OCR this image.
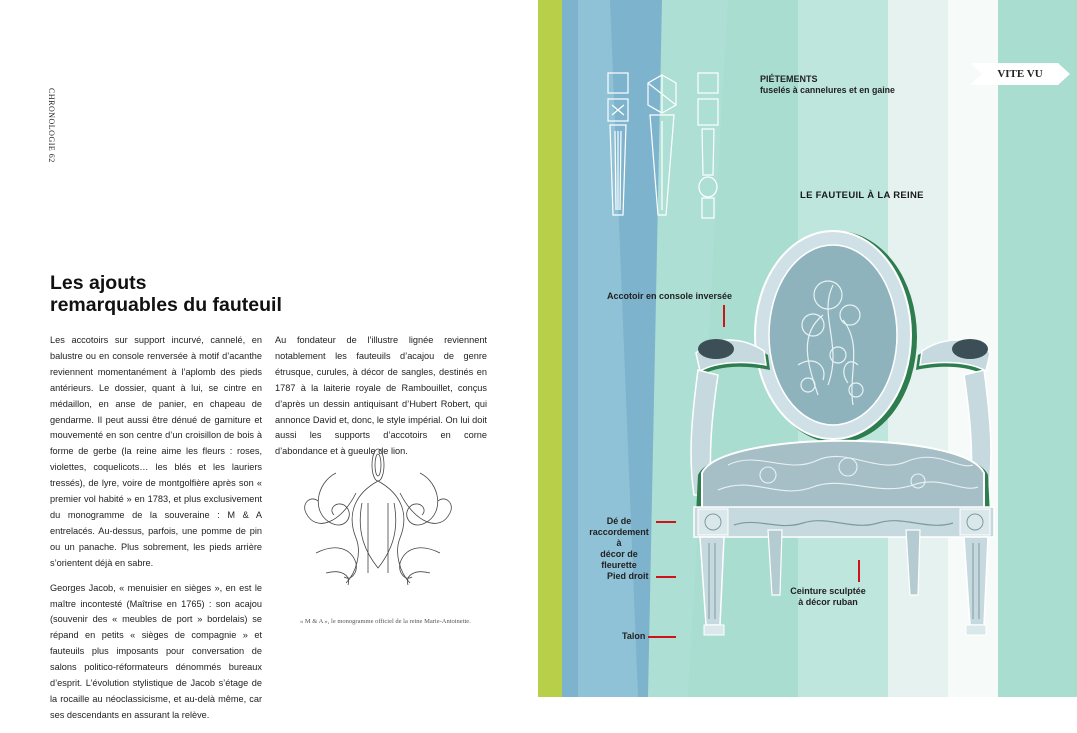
CHRONOLOGIE 62
Les ajouts
remarquables du fauteuil

Les accotoirs sur support incurvé, cannelé, en balustre ou en console renversée à motif d’acanthe reviennent momentanément à l’aplomb des pieds antérieurs. Le dossier, quant à lui, se cintre en médaillon, en anse de panier, en chapeau de gendarme. Il peut aussi être dénué de garniture et mouvementé en son centre d’un croisillon de bois à forme de gerbe (la reine aime les fleurs : roses, violettes, coquelicots… les blés et les lauriers tressés), de lyre, voire de montgolfière après son « premier vol habité » en 1783, et plus exclusivement du monogramme de la souveraine : M & A entrelacés. Au-dessus, parfois, une pomme de pin ou un panache. Plus sobrement, les pieds arrière s’orientent déjà en sabre.

Georges Jacob, « menuisier en sièges », en est le maître incontesté (Maîtrise en 1765) : son acajou (souvenir des « meubles de port » bordelais) se répand en petits « sièges de compagnie » et fauteuils plus imposants pour conversation de salons politico-réformateurs dénommés bureaux d’esprit. L’évolution stylistique de Jacob s’étage de la rocaille au néoclassicisme, et au-delà même, car ses descendants en assurant la relève.

Au fondateur de l’illustre lignée reviennent notablement les fauteuils d’acajou de genre étrusque, curules, à décor de sangles, destinés en 1787 à la laiterie royale de Rambouillet, conçus d’après un dessin antiquisant d’Hubert Robert, qui annonce David et, donc, le style impérial. On lui doit aussi les supports d’accotoirs en corne d’abondance et à gueule de lion.

« M & A », le monogramme officiel de la reine Marie-Antoinette.
VITE VU
PIÉTEMENTS
fuselés à cannelures et en gaine
LE FAUTEUIL À LA REINE
Accotoir en console inversée
Dé de
raccordement à
décor de fleurette
Pied droit
Talon
Ceinture sculptée
à décor ruban
